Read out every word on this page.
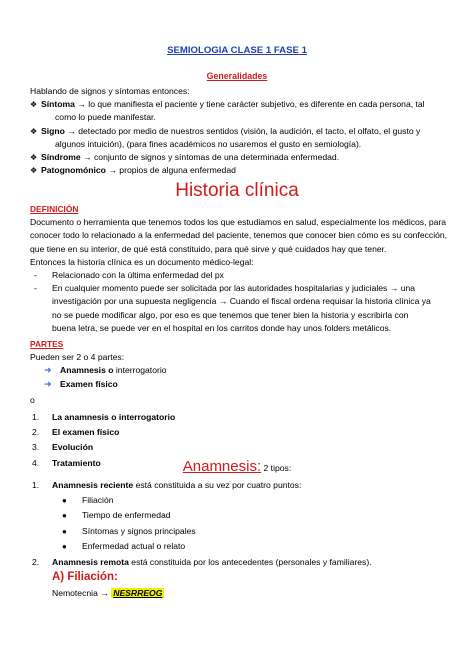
SEMIOLOGIA CLASE 1 FASE 1
Generalidades
Hablando de signos y síntomas entonces:
❖ Síntoma → lo que manifiesta el paciente y tiene carácter subjetivo, es diferente en cada persona, tal
como lo puede manifestar.
❖ Signo → detectado por medio de nuestros sentidos (visión, la audición, el tacto, el olfato, el gusto y
algunos intuición), (para fines académicos no usaremos el gusto en semiología).
❖ Síndrome → conjunto de signos y síntomas de una determinada enfermedad.
❖ Patognomónico → propios de alguna enfermedad
Historia clínica
DEFINICIÓN
Documento o herramienta que tenemos todos los que estudiamos en salud, especialmente los médicos, para
conocer todo lo relacionado a la enfermedad del paciente, tenemos que conocer bien cómo es su confección,
que tiene en su interior, de qué está constituido, para qué sirve y qué cuidados hay que tener.
Entonces la historia clínica es un documento médico-legal:
-	Relacionado con la última enfermedad del px
-	En cualquier momento puede ser solicitada por las autoridades hospitalarias y judiciales → una
investigación por una supuesta negligencia → Cuando el fiscal ordena requisar la historia clínica ya
no se puede modificar algo, por eso es que tenemos que tener bien la historia y escribirla con
buena letra, se puede ver en el hospital en los carritos donde hay unos folders metálicos.
PARTES
Pueden ser 2 o 4 partes:
➜ Anamnesis o interrogatorio
➜ Examen físico
o
1.	La anamnesis o interrogatorio
2.	El examen físico
3.	Evolución
4.	Tratamiento	Anamnesis: 2 tipos:
1.	Anamnesis reciente está constituida a su vez por cuatro puntos:
●	Filiación
●	Tiempo de enfermedad
●	Síntomas y signos principales
●	Enfermedad actual o relato
2.	Anamnesis remota está constituida por los antecedentes (personales y familiares).
A) Filiación:
Nemotecnia → NESRREOG
